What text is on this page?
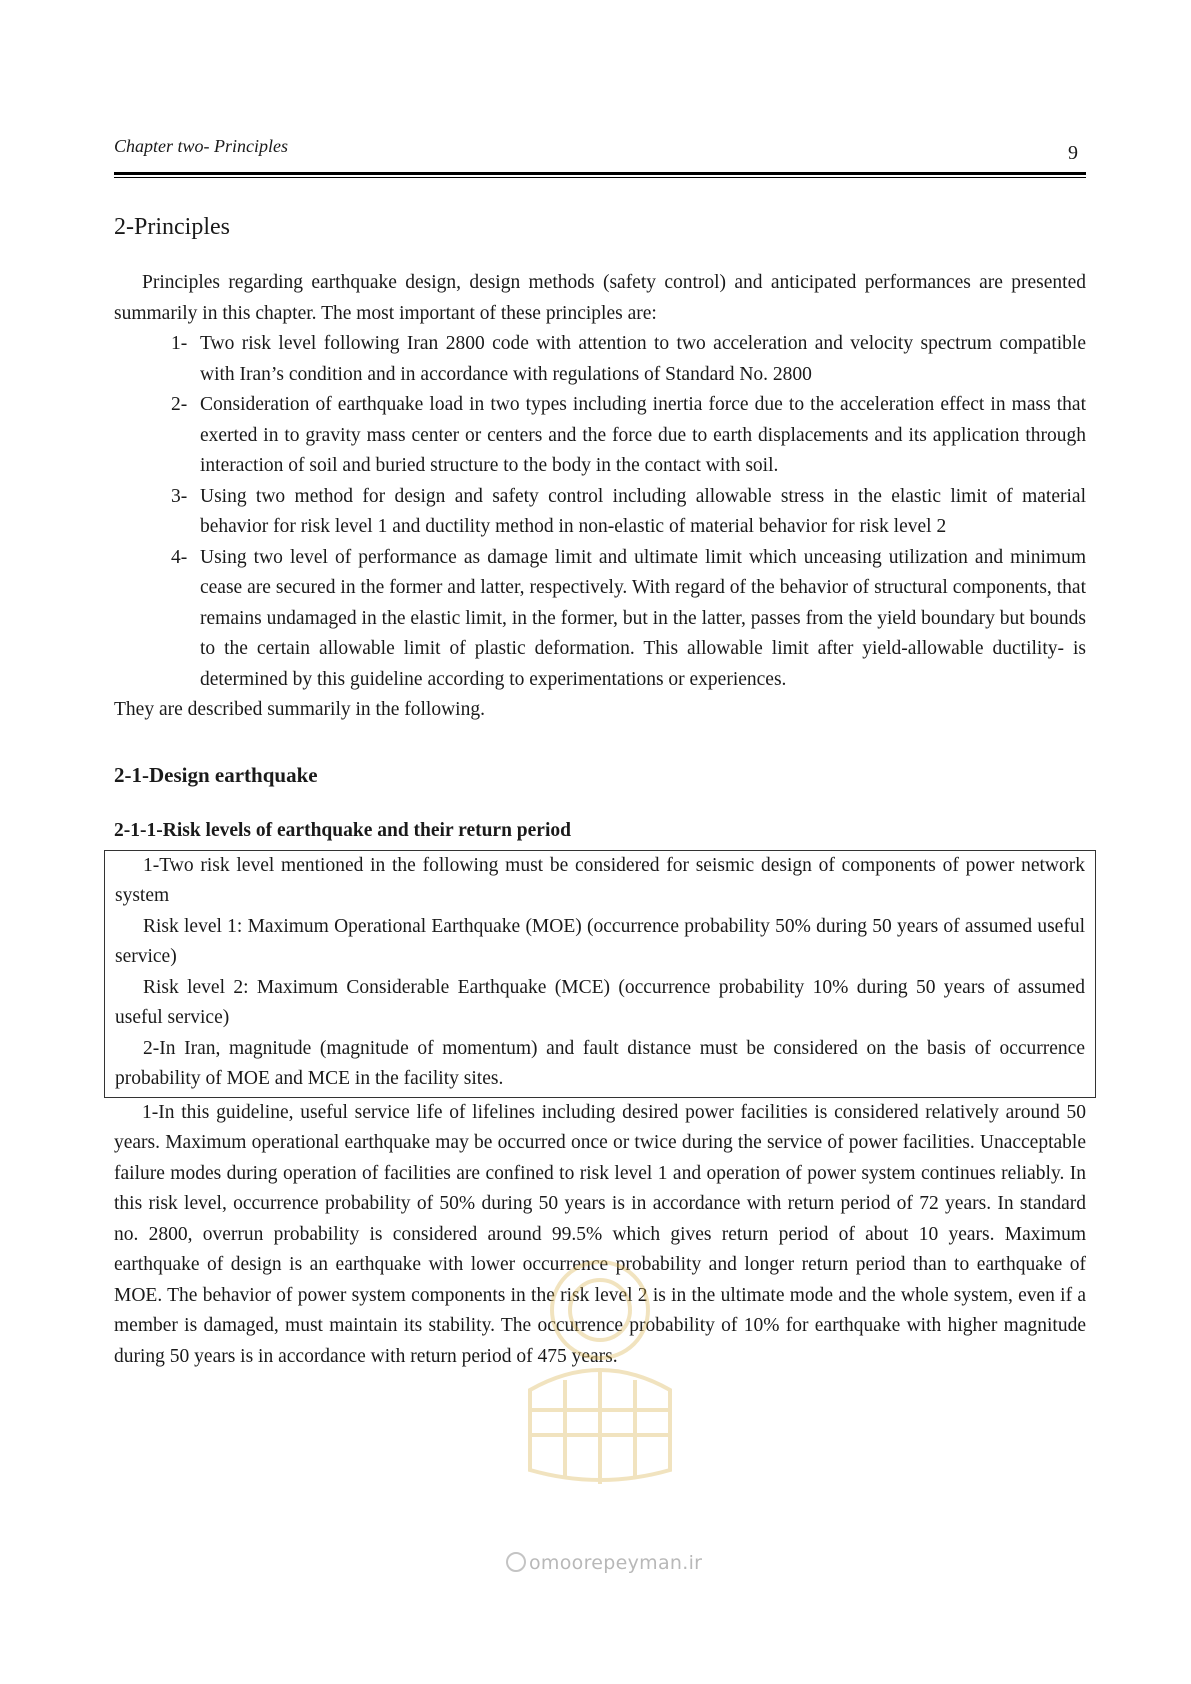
Chapter two- Principles	9
2-Principles

Principles regarding earthquake design, design methods (safety control) and anticipated performances are presented summarily in this chapter. The most important of these principles are:

1- Two risk level following Iran 2800 code with attention to two acceleration and velocity spectrum compatible with Iran’s condition and in accordance with regulations of Standard No. 2800
2- Consideration of earthquake load in two types including inertia force due to the acceleration effect in mass that exerted in to gravity mass center or centers and the force due to earth displacements and its application through interaction of soil and buried structure to the body in the contact with soil.
3- Using two method for design and safety control including allowable stress in the elastic limit of material behavior for risk level 1 and ductility method in non-elastic of material behavior for risk level 2
4- Using two level of performance as damage limit and ultimate limit which unceasing utilization and minimum cease are secured in the former and latter, respectively. With regard of the behavior of structural components, that remains undamaged in the elastic limit, in the former, but in the latter, passes from the yield boundary but bounds to the certain allowable limit of plastic deformation. This allowable limit after yield-allowable ductility- is determined by this guideline according to experimentations or experiences.

They are described summarily in the following.

2-1-Design earthquake
2-1-1-Risk levels of earthquake and their return period

1-Two risk level mentioned in the following must be considered for seismic design of components of power network system

Risk level 1: Maximum Operational Earthquake (MOE) (occurrence probability 50% during 50 years of assumed useful service)

Risk level 2: Maximum Considerable Earthquake (MCE) (occurrence probability 10% during 50 years of assumed useful service)

2-In Iran, magnitude (magnitude of momentum) and fault distance must be considered on the basis of occurrence probability of MOE and MCE in the facility sites.

1-In this guideline, useful service life of lifelines including desired power facilities is considered relatively around 50 years. Maximum operational earthquake may be occurred once or twice during the service of power facilities. Unacceptable failure modes during operation of facilities are confined to risk level 1 and operation of power system continues reliably. In this risk level, occurrence probability of 50% during 50 years is in accordance with return period of 72 years. In standard no. 2800, overrun probability is considered around 99.5% which gives return period of about 10 years. Maximum earthquake of design is an earthquake with lower occurrence probability and longer return period than to earthquake of MOE. The behavior of power system components in the risk level 2 is in the ultimate mode and the whole system, even if a member is damaged, must maintain its stability. The occurrence probability of 10% for earthquake with higher magnitude during 50 years is in accordance with return period of 475 years.

omoorepeyman.ir
